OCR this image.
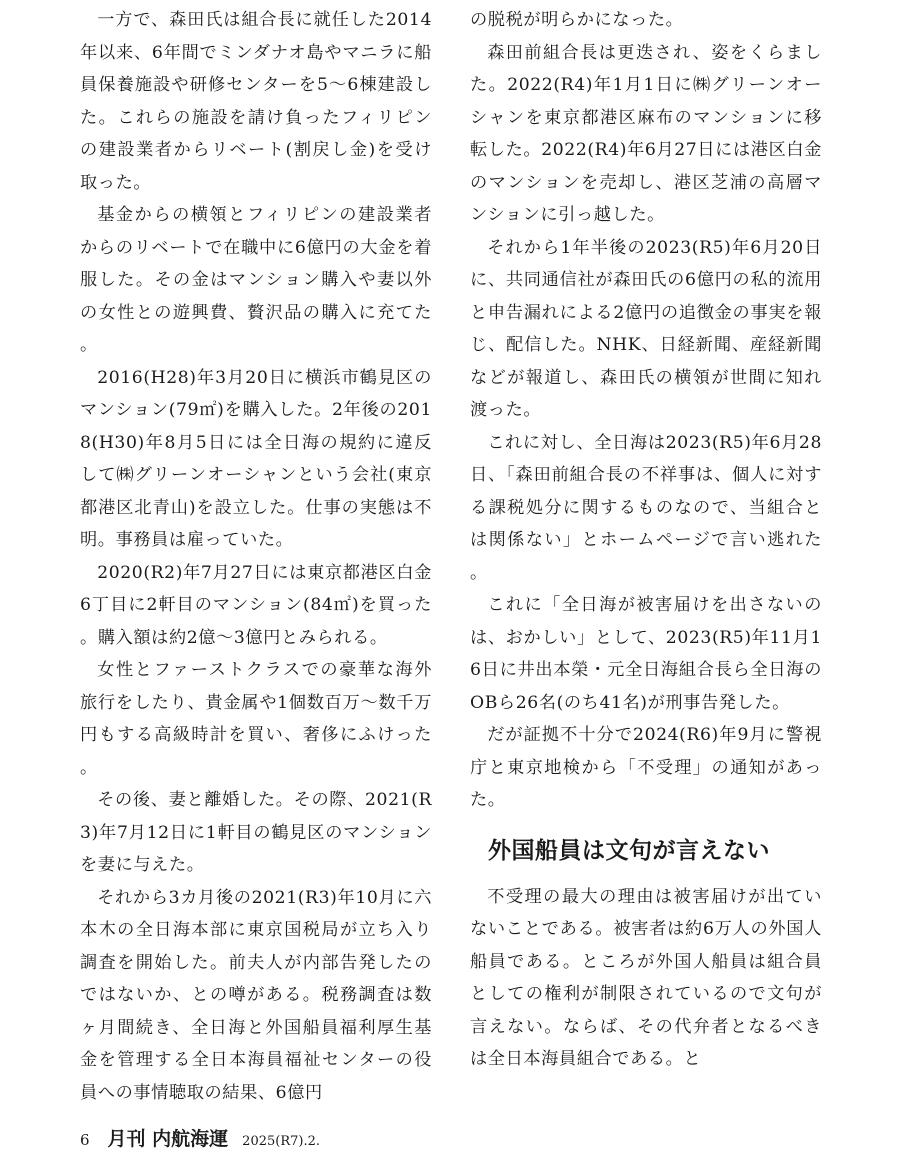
一方で、森田氏は組合長に就任した2014年以来、6年間でミンダナオ島やマニラに船員保養施設や研修センターを5～6棟建設した。これらの施設を請け負ったフィリピンの建設業者からリベート(割戻し金)を受け取った。

基金からの横領とフィリピンの建設業者からのリベートで在職中に6億円の大金を着服した。その金はマンション購入や妻以外の女性との遊興費、贅沢品の購入に充てた。

2016(H28)年3月20日に横浜市鶴見区のマンション(79㎡)を購入した。2年後の2018(H30)年8月5日には全日海の規約に違反して㈱グリーンオーシャンという会社(東京都港区北青山)を設立した。仕事の実態は不明。事務員は雇っていた。

2020(R2)年7月27日には東京都港区白金6丁目に2軒目のマンション(84㎡)を買った。購入額は約2億～3億円とみられる。

女性とファーストクラスでの豪華な海外旅行をしたり、貴金属や1個数百万～数千万円もする高級時計を買い、奢侈にふけった。

その後、妻と離婚した。その際、2021(R3)年7月12日に1軒目の鶴見区のマンションを妻に与えた。

それから3カ月後の2021(R3)年10月に六本木の全日海本部に東京国税局が立ち入り調査を開始した。前夫人が内部告発したのではないか、との噂がある。税務調査は数ヶ月間続き、全日海と外国船員福利厚生基金を管理する全日本海員福祉センターの役員への事情聴取の結果、6億円

の脱税が明らかになった。

森田前組合長は更迭され、姿をくらました。2022(R4)年1月1日に㈱グリーンオーシャンを東京都港区麻布のマンションに移転した。2022(R4)年6月27日には港区白金のマンションを売却し、港区芝浦の高層マンションに引っ越した。

それから1年半後の2023(R5)年6月20日に、共同通信社が森田氏の6億円の私的流用と申告漏れによる2億円の追徴金の事実を報じ、配信した。NHK、日経新聞、産経新聞などが報道し、森田氏の横領が世間に知れ渡った。

これに対し、全日海は2023(R5)年6月28日、「森田前組合長の不祥事は、個人に対する課税処分に関するものなので、当組合とは関係ない」とホームページで言い逃れた。

これに「全日海が被害届けを出さないのは、おかしい」として、2023(R5)年11月16日に井出本榮・元全日海組合長ら全日海のOBら26名(のち41名)が刑事告発した。

だが証拠不十分で2024(R6)年9月に警視庁と東京地検から「不受理」の通知があった。

外国船員は文句が言えない

不受理の最大の理由は被害届けが出ていないことである。被害者は約6万人の外国人船員である。ところが外国人船員は組合員としての権利が制限されているので文句が言えない。ならば、その代弁者となるべきは全日本海員組合である。と

6 月刊 内航海運 2025(R7).2.
